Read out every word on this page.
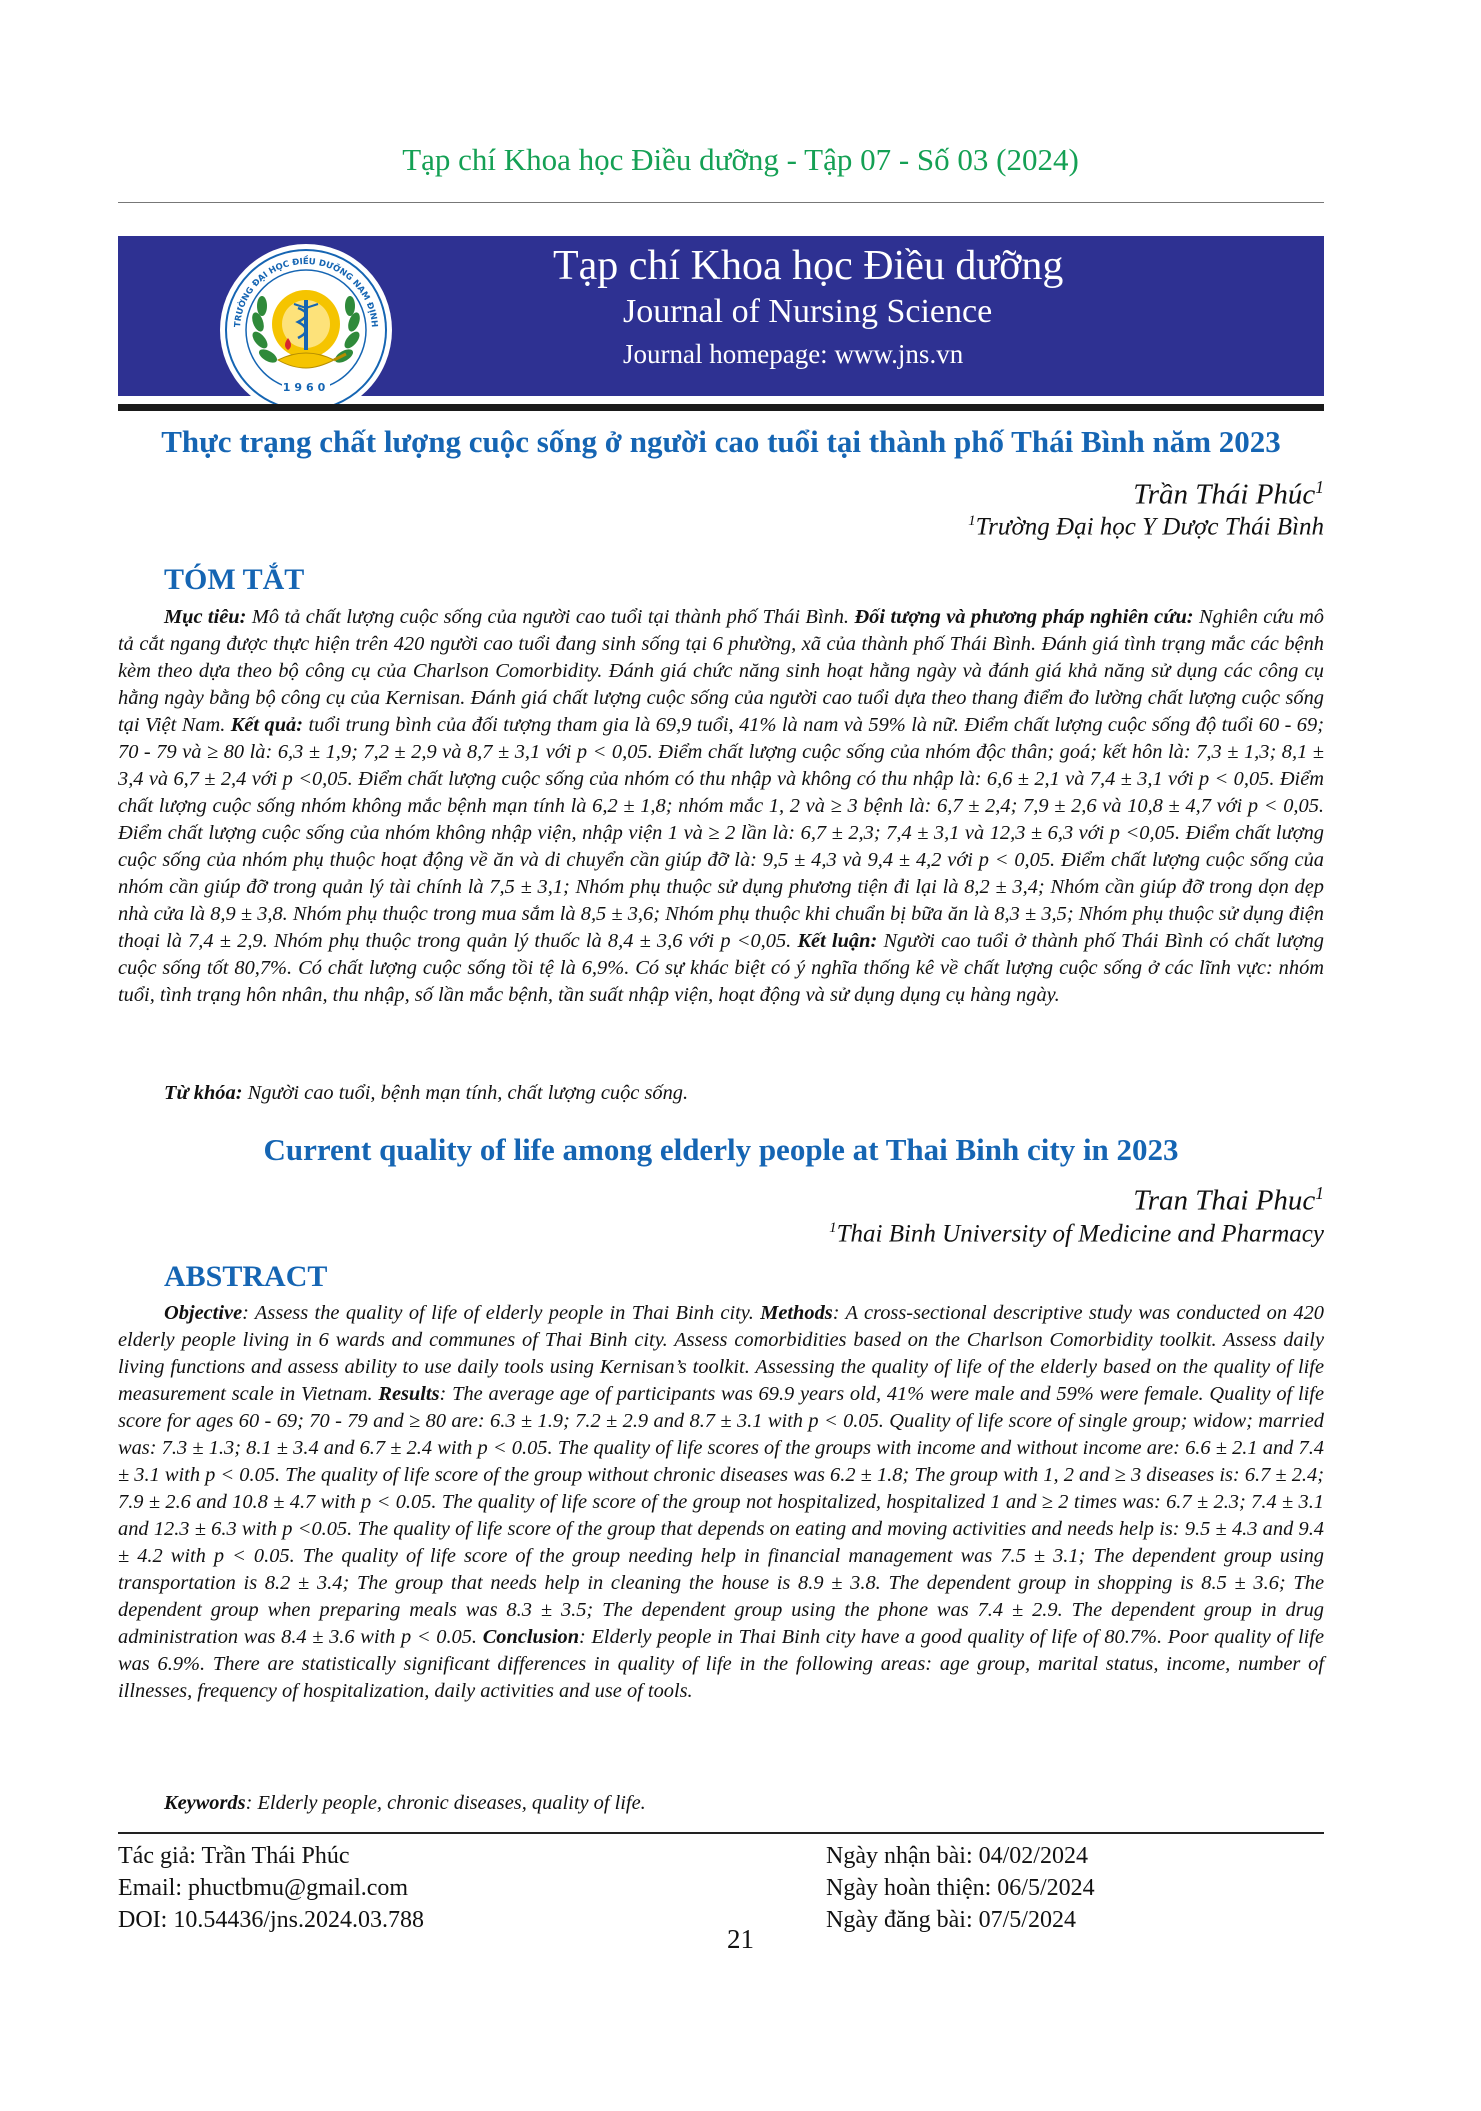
Tạp chí Khoa học Điều dưỡng - Tập 07 - Số 03 (2024)
TRƯỜNG ĐẠI HỌC ĐIỀU DƯỠNG NAM ĐỊNH
1960
Tạp chí Khoa học Điều dưỡng
Journal of Nursing Science
Journal homepage: www.jns.vn
Thực trạng chất lượng cuộc sống ở người cao tuổi tại thành phố Thái Bình năm 2023
Trần Thái Phúc$^1$
$^1$Trường Đại học Y Dược Thái Bình
TÓM TẮT
Mục tiêu: Mô tả chất lượng cuộc sống của người cao tuổi tại thành phố Thái Bình. Đối tượng và phương pháp nghiên cứu: Nghiên cứu mô tả cắt ngang được thực hiện trên 420 người cao tuổi đang sinh sống tại 6 phường, xã của thành phố Thái Bình. Đánh giá tình trạng mắc các bệnh kèm theo dựa theo bộ công cụ của Charlson Comorbidity. Đánh giá chức năng sinh hoạt hằng ngày và đánh giá khả năng sử dụng các công cụ hằng ngày bằng bộ công cụ của Kernisan. Đánh giá chất lượng cuộc sống của người cao tuổi dựa theo thang điểm đo lường chất lượng cuộc sống tại Việt Nam. Kết quả: tuổi trung bình của đối tượng tham gia là 69,9 tuổi, 41% là nam và 59% là nữ. Điểm chất lượng cuộc sống độ tuổi 60 - 69; 70 - 79 và ≥ 80 là: 6,3 ± 1,9; 7,2 ± 2,9 và 8,7 ± 3,1 với p < 0,05. Điểm chất lượng cuộc sống của nhóm độc thân; goá; kết hôn là: 7,3 ± 1,3; 8,1 ± 3,4 và 6,7 ± 2,4 với p <0,05. Điểm chất lượng cuộc sống của nhóm có thu nhập và không có thu nhập là: 6,6 ± 2,1 và 7,4 ± 3,1 với p < 0,05. Điểm chất lượng cuộc sống nhóm không mắc bệnh mạn tính là 6,2 ± 1,8; nhóm mắc 1, 2 và ≥ 3 bệnh là: 6,7 ± 2,4; 7,9 ± 2,6 và 10,8 ± 4,7 với p < 0,05. Điểm chất lượng cuộc sống của nhóm không nhập viện, nhập viện 1 và ≥ 2 lần là: 6,7 ± 2,3; 7,4 ± 3,1 và 12,3 ± 6,3 với p <0,05. Điểm chất lượng cuộc sống của nhóm phụ thuộc hoạt động về ăn và di chuyển cần giúp đỡ là: 9,5 ± 4,3 và 9,4 ± 4,2 với p < 0,05. Điểm chất lượng cuộc sống của nhóm cần giúp đỡ trong quản lý tài chính là 7,5 ± 3,1; Nhóm phụ thuộc sử dụng phương tiện đi lại là 8,2 ± 3,4; Nhóm cần giúp đỡ trong dọn dẹp nhà cửa là 8,9 ± 3,8. Nhóm phụ thuộc trong mua sắm là 8,5 ± 3,6; Nhóm phụ thuộc khi chuẩn bị bữa ăn là 8,3 ± 3,5; Nhóm phụ thuộc sử dụng điện thoại là 7,4 ± 2,9. Nhóm phụ thuộc trong quản lý thuốc là 8,4 ± 3,6 với p <0,05. Kết luận: Người cao tuổi ở thành phố Thái Bình có chất lượng cuộc sống tốt 80,7%. Có chất lượng cuộc sống tồi tệ là 6,9%. Có sự khác biệt có ý nghĩa thống kê về chất lượng cuộc sống ở các lĩnh vực: nhóm tuổi, tình trạng hôn nhân, thu nhập, số lần mắc bệnh, tần suất nhập viện, hoạt động và sử dụng dụng cụ hàng ngày.
Từ khóa: Người cao tuổi, bệnh mạn tính, chất lượng cuộc sống.
Current quality of life among elderly people at Thai Binh city in 2023
Tran Thai Phuc$^1$
$^1$Thai Binh University of Medicine and Pharmacy
ABSTRACT
Objective: Assess the quality of life of elderly people in Thai Binh city. Methods: A cross-sectional descriptive study was conducted on 420 elderly people living in 6 wards and communes of Thai Binh city. Assess comorbidities based on the Charlson Comorbidity toolkit. Assess daily living functions and assess ability to use daily tools using Kernisan’s toolkit. Assessing the quality of life of the elderly based on the quality of life measurement scale in Vietnam. Results: The average age of participants was 69.9 years old, 41% were male and 59% were female. Quality of life score for ages 60 - 69; 70 - 79 and ≥ 80 are: 6.3 ± 1.9; 7.2 ± 2.9 and 8.7 ± 3.1 with p < 0.05. Quality of life score of single group; widow; married was: 7.3 ± 1.3; 8.1 ± 3.4 and 6.7 ± 2.4 with p < 0.05. The quality of life scores of the groups with income and without income are: 6.6 ± 2.1 and 7.4 ± 3.1 with p < 0.05. The quality of life score of the group without chronic diseases was 6.2 ± 1.8; The group with 1, 2 and ≥ 3 diseases is: 6.7 ± 2.4; 7.9 ± 2.6 and 10.8 ± 4.7 with p < 0.05. The quality of life score of the group not hospitalized, hospitalized 1 and ≥ 2 times was: 6.7 ± 2.3; 7.4 ± 3.1 and 12.3 ± 6.3 with p <0.05. The quality of life score of the group that depends on eating and moving activities and needs help is: 9.5 ± 4.3 and 9.4 ± 4.2 with p < 0.05. The quality of life score of the group needing help in financial management was 7.5 ± 3.1; The dependent group using transportation is 8.2 ± 3.4; The group that needs help in cleaning the house is 8.9 ± 3.8. The dependent group in shopping is 8.5 ± 3.6; The dependent group when preparing meals was 8.3 ± 3.5; The dependent group using the phone was 7.4 ± 2.9. The dependent group in drug administration was 8.4 ± 3.6 with p < 0.05. Conclusion: Elderly people in Thai Binh city have a good quality of life of 80.7%. Poor quality of life was 6.9%. There are statistically significant differences in quality of life in the following areas: age group, marital status, income, number of illnesses, frequency of hospitalization, daily activities and use of tools.
Keywords: Elderly people, chronic diseases, quality of life.
Tác giả: Trần Thái Phúc
Email: phuctbmu@gmail.com
DOI: 10.54436/jns.2024.03.788
Ngày nhận bài: 04/02/2024
Ngày hoàn thiện: 06/5/2024
Ngày đăng bài: 07/5/2024
21
